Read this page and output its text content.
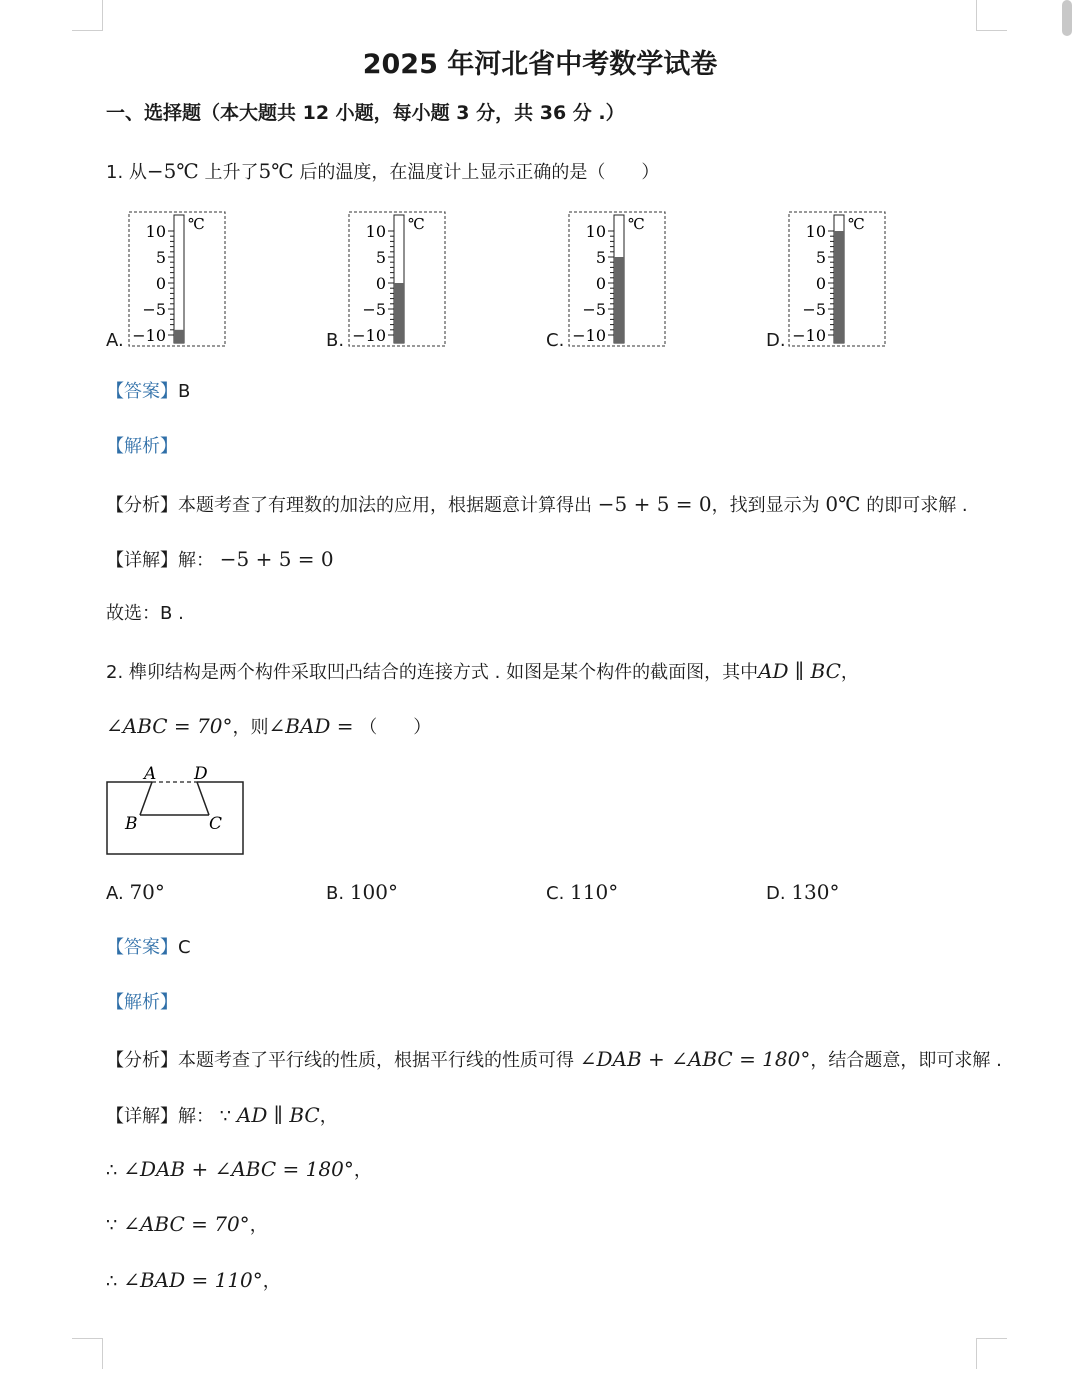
2025 年河北省中考数学试卷
一、选择题（本大题共 12 小题，每小题 3 分，共 36 分 .）
1. 从−5℃ 上升了5℃ 后的温度，在温度计上显示正确的是（　　）
A.
10
5
0
−5
−10
℃
B.
10
5
0
−5
−10
℃
C.
10
5
0
−5
−10
℃
D.
10
5
0
−5
−10
℃
【答案】B
【解析】
【分析】本题考查了有理数的加法的应用，根据题意计算得出 −5 + 5 = 0，找到显示为 0℃ 的即可求解 .
【详解】解： −5 + 5 = 0
故选：B .
2. 榫卯结构是两个构件采取凹凸结合的连接方式 . 如图是某个构件的截面图，其中AD ∥ BC，
∠ABC = 70°，则∠BAD = （　　）
A D
B	C
A. 70°	B. 100°	C. 110°	D. 130°
【答案】C
【解析】
【分析】本题考查了平行线的性质，根据平行线的性质可得 ∠DAB + ∠ABC = 180°，结合题意，即可求解 .
【详解】解： ∵ AD ∥ BC，
∴ ∠DAB + ∠ABC = 180°，
∵ ∠ABC = 70°，
∴ ∠BAD = 110°，
